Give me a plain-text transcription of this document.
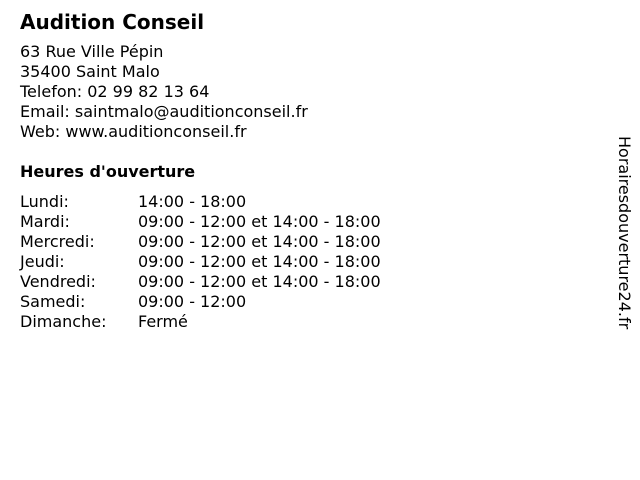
Audition Conseil
63 Rue Ville Pépin
35400 Saint Malo
Telefon: 02 99 82 13 64
Email: saintmalo@auditionconseil.fr
Web: www.auditionconseil.fr
Heures d'ouverture
Lundi:	14:00 - 18:00
Mardi:	09:00 - 12:00 et 14:00 - 18:00
Mercredi:	09:00 - 12:00 et 14:00 - 18:00
Jeudi:	09:00 - 12:00 et 14:00 - 18:00
Vendredi:	09:00 - 12:00 et 14:00 - 18:00
Samedi:	09:00 - 12:00
Dimanche: Fermé	Horairesdouverture24.fr
